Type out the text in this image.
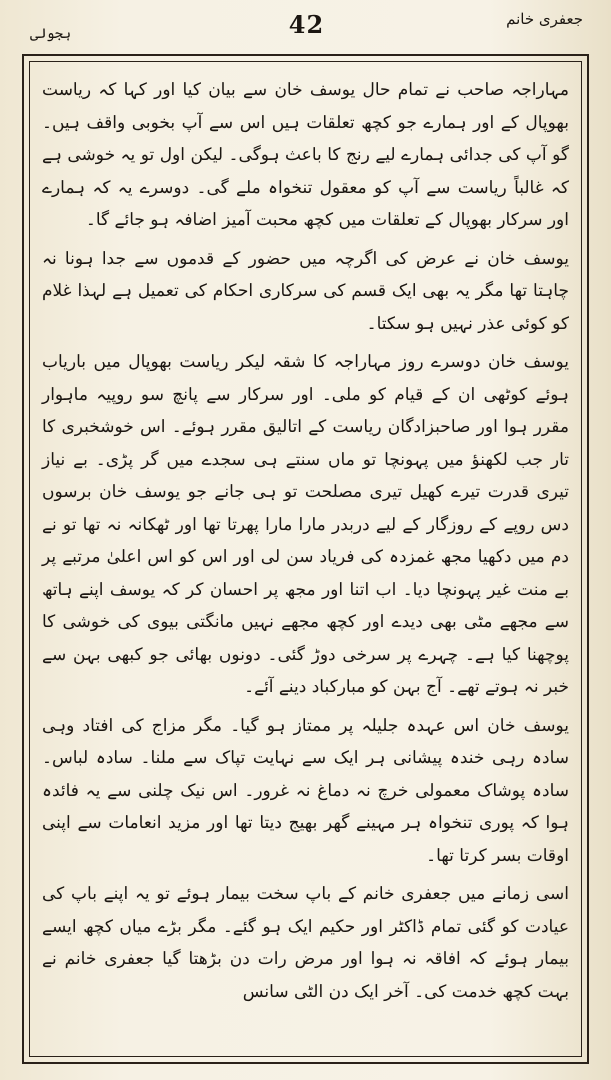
جعفری خانم
42
ہجولی

مہاراجہ صاحب نے تمام حال یوسف خان سے بیان کیا اور کہا کہ ریاست بھوپال کے اور ہمارے جو کچھ تعلقات ہیں اس سے آپ بخوبی واقف ہیں۔ گو آپ کی جدائی ہمارے لیے رنج کا باعث ہوگی۔ لیکن اول تو یہ خوشی ہے کہ غالباً ریاست سے آپ کو معقول تنخواہ ملے گی۔ دوسرے یہ کہ ہمارے اور سرکار بھوپال کے تعلقات میں کچھ محبت آمیز اضافہ ہو جائے گا۔

یوسف خان نے عرض کی اگرچہ میں حضور کے قدموں سے جدا ہونا نہ چاہتا تھا مگر یہ بھی ایک قسم کی سرکاری احکام کی تعمیل ہے لہذا غلام کو کوئی عذر نہیں ہو سکتا۔

یوسف خان دوسرے روز مہاراجہ کا شقہ لیکر ریاست بھوپال میں باریاب ہوئے کوٹھی ان کے قیام کو ملی۔ اور سرکار سے پانچ سو روپیہ ماہوار مقرر ہوا اور صاحبزادگان ریاست کے اتالیق مقرر ہوئے۔ اس خوشخبری کا تار جب لکھنؤ میں پہونچا تو ماں سنتے ہی سجدے میں گر پڑی۔ بے نیاز تیری قدرت تیرے کھیل تیری مصلحت تو ہی جانے جو یوسف خان برسوں دس روپے کے روزگار کے لیے دربدر مارا مارا پھرتا تھا اور ٹھکانہ نہ تھا تو نے دم میں دکھیا مجھ غمزدہ کی فریاد سن لی اور اس کو اس اعلیٰ مرتبے پر بے منت غیر پہونچا دیا۔ اب اتنا اور مجھ پر احسان کر کہ یوسف اپنے ہاتھ سے مجھے مٹی بھی دیدے اور کچھ مجھے نہیں مانگتی بیوی کی خوشی کا پوچھنا کیا ہے۔ چہرے پر سرخی دوڑ گئی۔ دونوں بھائی جو کبھی بہن سے خبر نہ ہوتے تھے۔ آج بہن کو مبارکباد دینے آئے۔

یوسف خان اس عہدہ جلیلہ پر ممتاز ہو گیا۔ مگر مزاج کی افتاد وہی سادہ رہی خندہ پیشانی ہر ایک سے نہایت تپاک سے ملنا۔ سادہ لباس۔ سادہ پوشاک معمولی خرچ نہ دماغ نہ غرور۔ اس نیک چلنی سے یہ فائدہ ہوا کہ پوری تنخواہ ہر مہینے گھر بھیج دیتا تھا اور مزید انعامات سے اپنی اوقات بسر کرتا تھا۔

اسی زمانے میں جعفری خانم کے باپ سخت بیمار ہوئے تو یہ اپنے باپ کی عیادت کو گئی تمام ڈاکٹر اور حکیم ایک ہو گئے۔ مگر بڑے میاں کچھ ایسے بیمار ہوئے کہ افاقہ نہ ہوا اور مرض رات دن بڑھتا گیا جعفری خانم نے بہت کچھ خدمت کی۔ آخر ایک دن الٹی سانس
